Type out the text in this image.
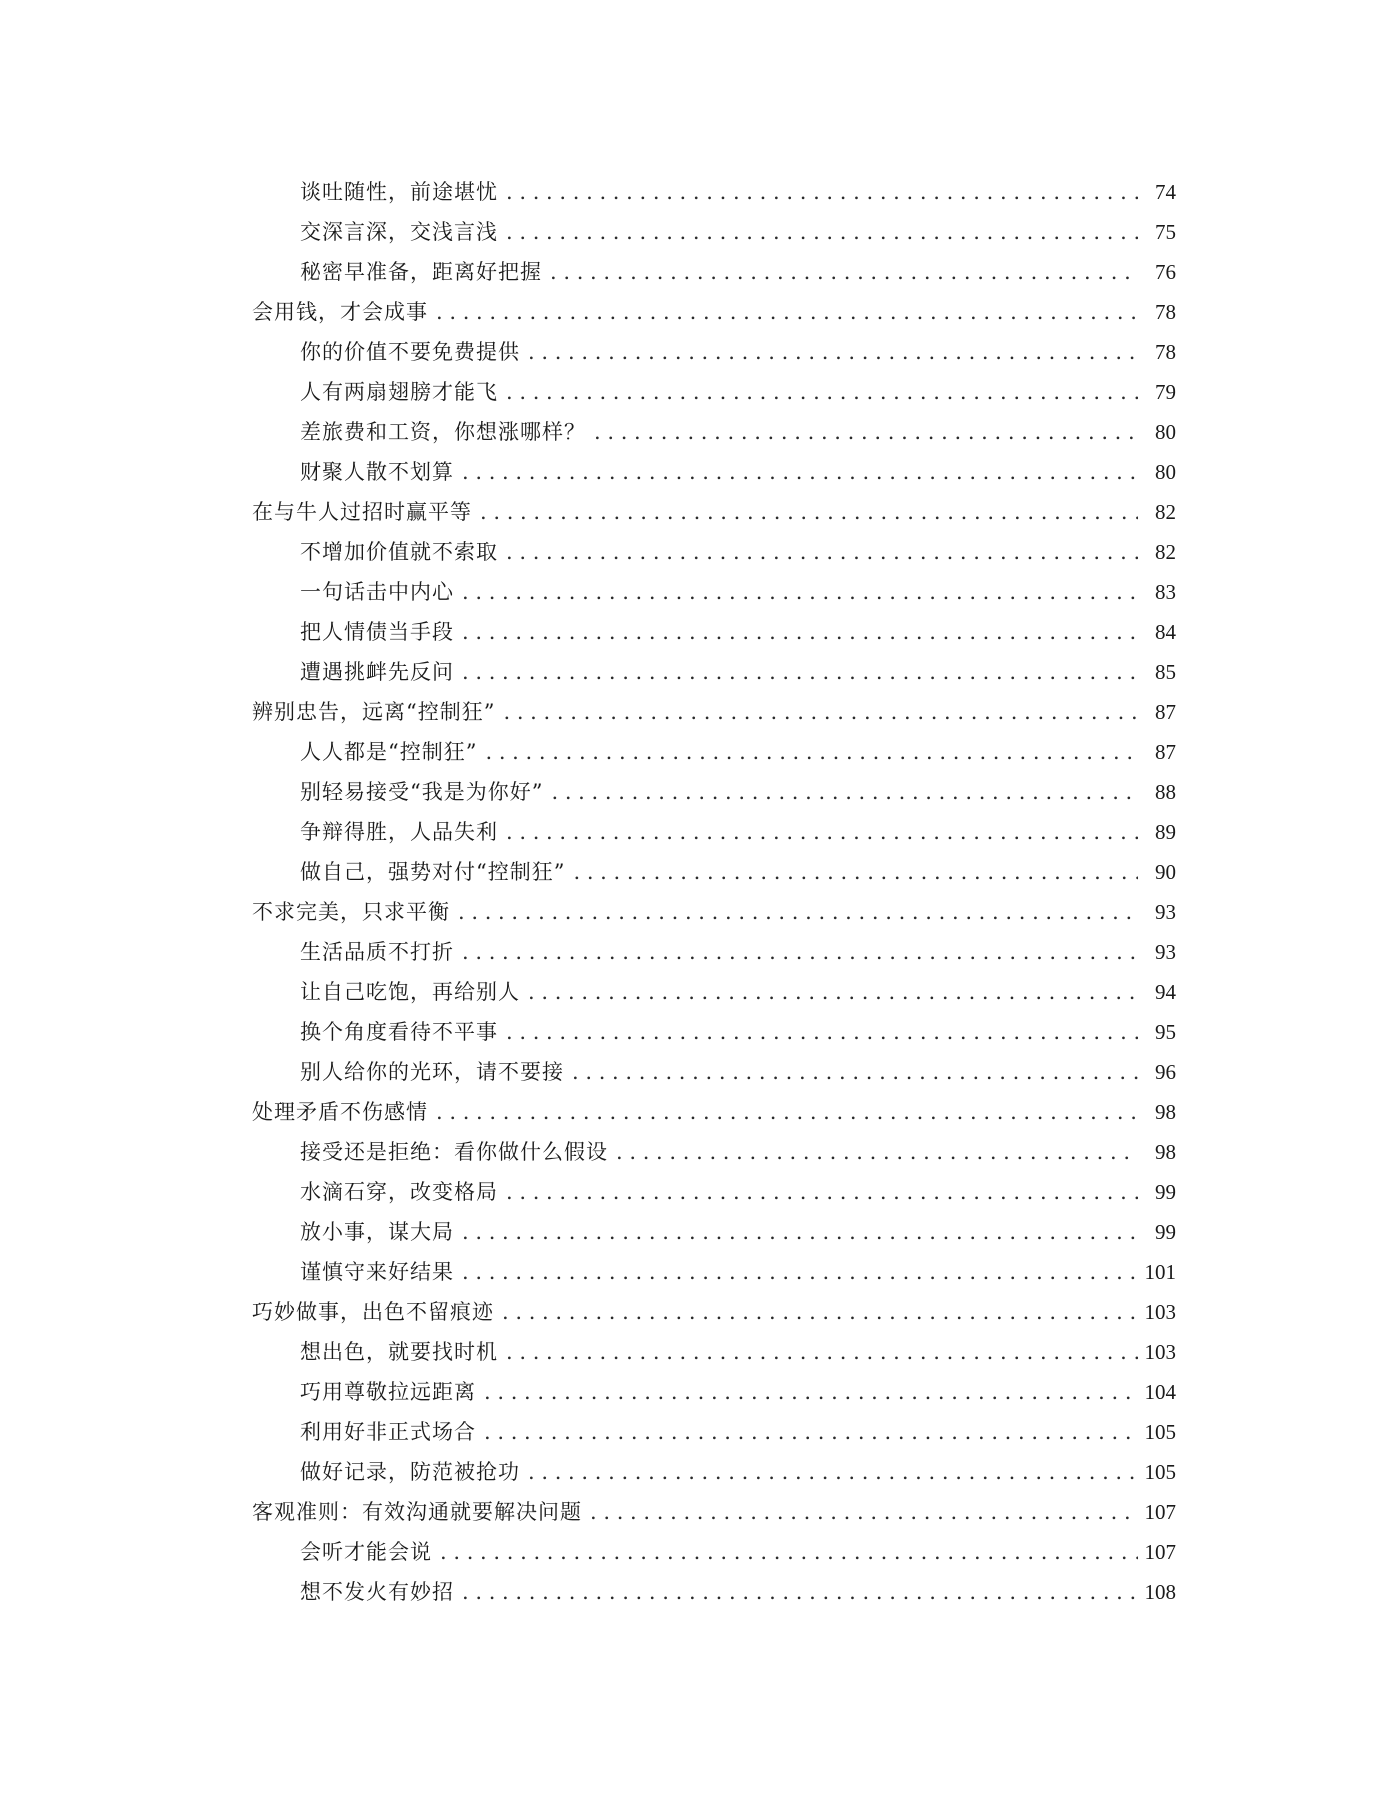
谈吐随性，前途堪忧 . . .	74
交深言深，交浅言浅 . . .	75
秘密早准备，距离好把握 . . .	76
会用钱，才会成事 . . .	78
你的价值不要免费提供 . . .	78
人有两扇翅膀才能飞 . . .	79
差旅费和工资，你想涨哪样？ . . .	80
财聚人散不划算 . . .	80
在与牛人过招时赢平等 . . .	82
不增加价值就不索取 . . .	82
一句话击中内心 . . .	83
把人情债当手段 . . .	84
遭遇挑衅先反问 . . .	85
辨别忠告，远离“控制狂” . . .	87
人人都是“控制狂” . . .	87
别轻易接受“我是为你好” . . .	88
争辩得胜，人品失利 . . .	89
做自己，强势对付“控制狂” . . .	90
不求完美，只求平衡 . . .	93
生活品质不打折 . . .	93
让自己吃饱，再给别人 . . .	94
换个角度看待不平事 . . .	95
别人给你的光环，请不要接 . . .	96
处理矛盾不伤感情 . . .	98
接受还是拒绝：看你做什么假设 . . .	98
水滴石穿，改变格局 . . .	99
放小事，谋大局 . . .	99
谨慎守来好结果 . . .	101
巧妙做事，出色不留痕迹 . . .	103
想出色，就要找时机 . . .	103
巧用尊敬拉远距离 . . .	104
利用好非正式场合 . . .	105
做好记录，防范被抢功 . . .	105
客观准则：有效沟通就要解决问题 . . .	107
会听才能会说 . . .	107
想不发火有妙招 . . .	108
